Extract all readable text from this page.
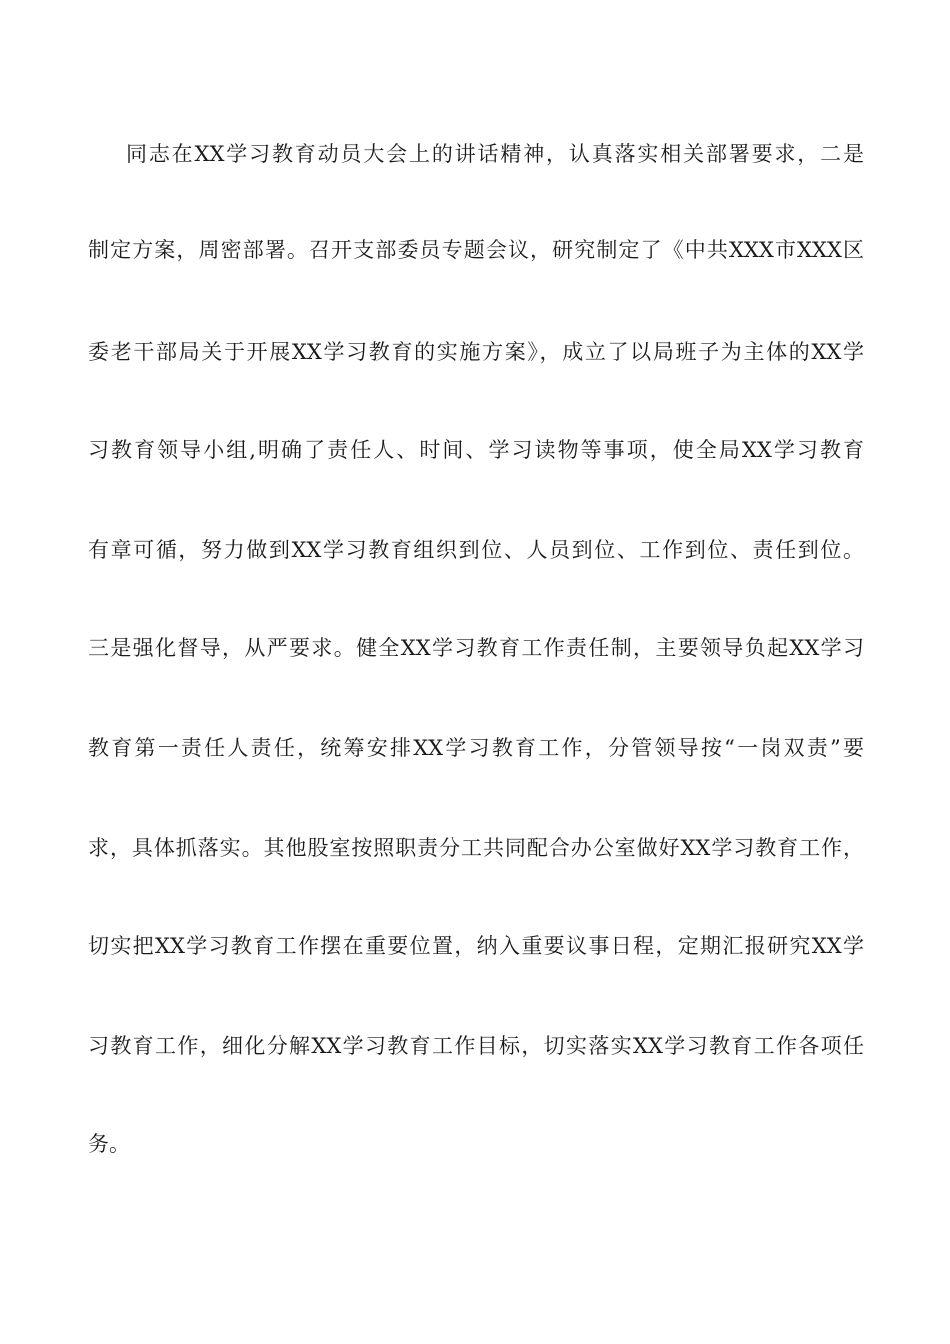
同志在XX学习教育动员大会上的讲话精神，认真落实相关部署要求，二是
制定方案，周密部署。召开支部委员专题会议，研究制定了《中共XXX市XXX区
委老干部局关于开展XX学习教育的实施方案》，成立了以局班子为主体的XX学
习教育领导小组,明确了责任人、时间、学习读物等事项，使全局XX学习教育
有章可循，努力做到XX学习教育组织到位、人员到位、工作到位、责任到位。
三是强化督导，从严要求。健全XX学习教育工作责任制，主要领导负起XX学习
教育第一责任人责任，统筹安排XX学习教育工作，分管领导按“一岗双责”要
求，具体抓落实。其他股室按照职责分工共同配合办公室做好XX学习教育工作，
切实把XX学习教育工作摆在重要位置，纳入重要议事日程，定期汇报研究XX学
习教育工作，细化分解XX学习教育工作目标，切实落实XX学习教育工作各项任
务。
